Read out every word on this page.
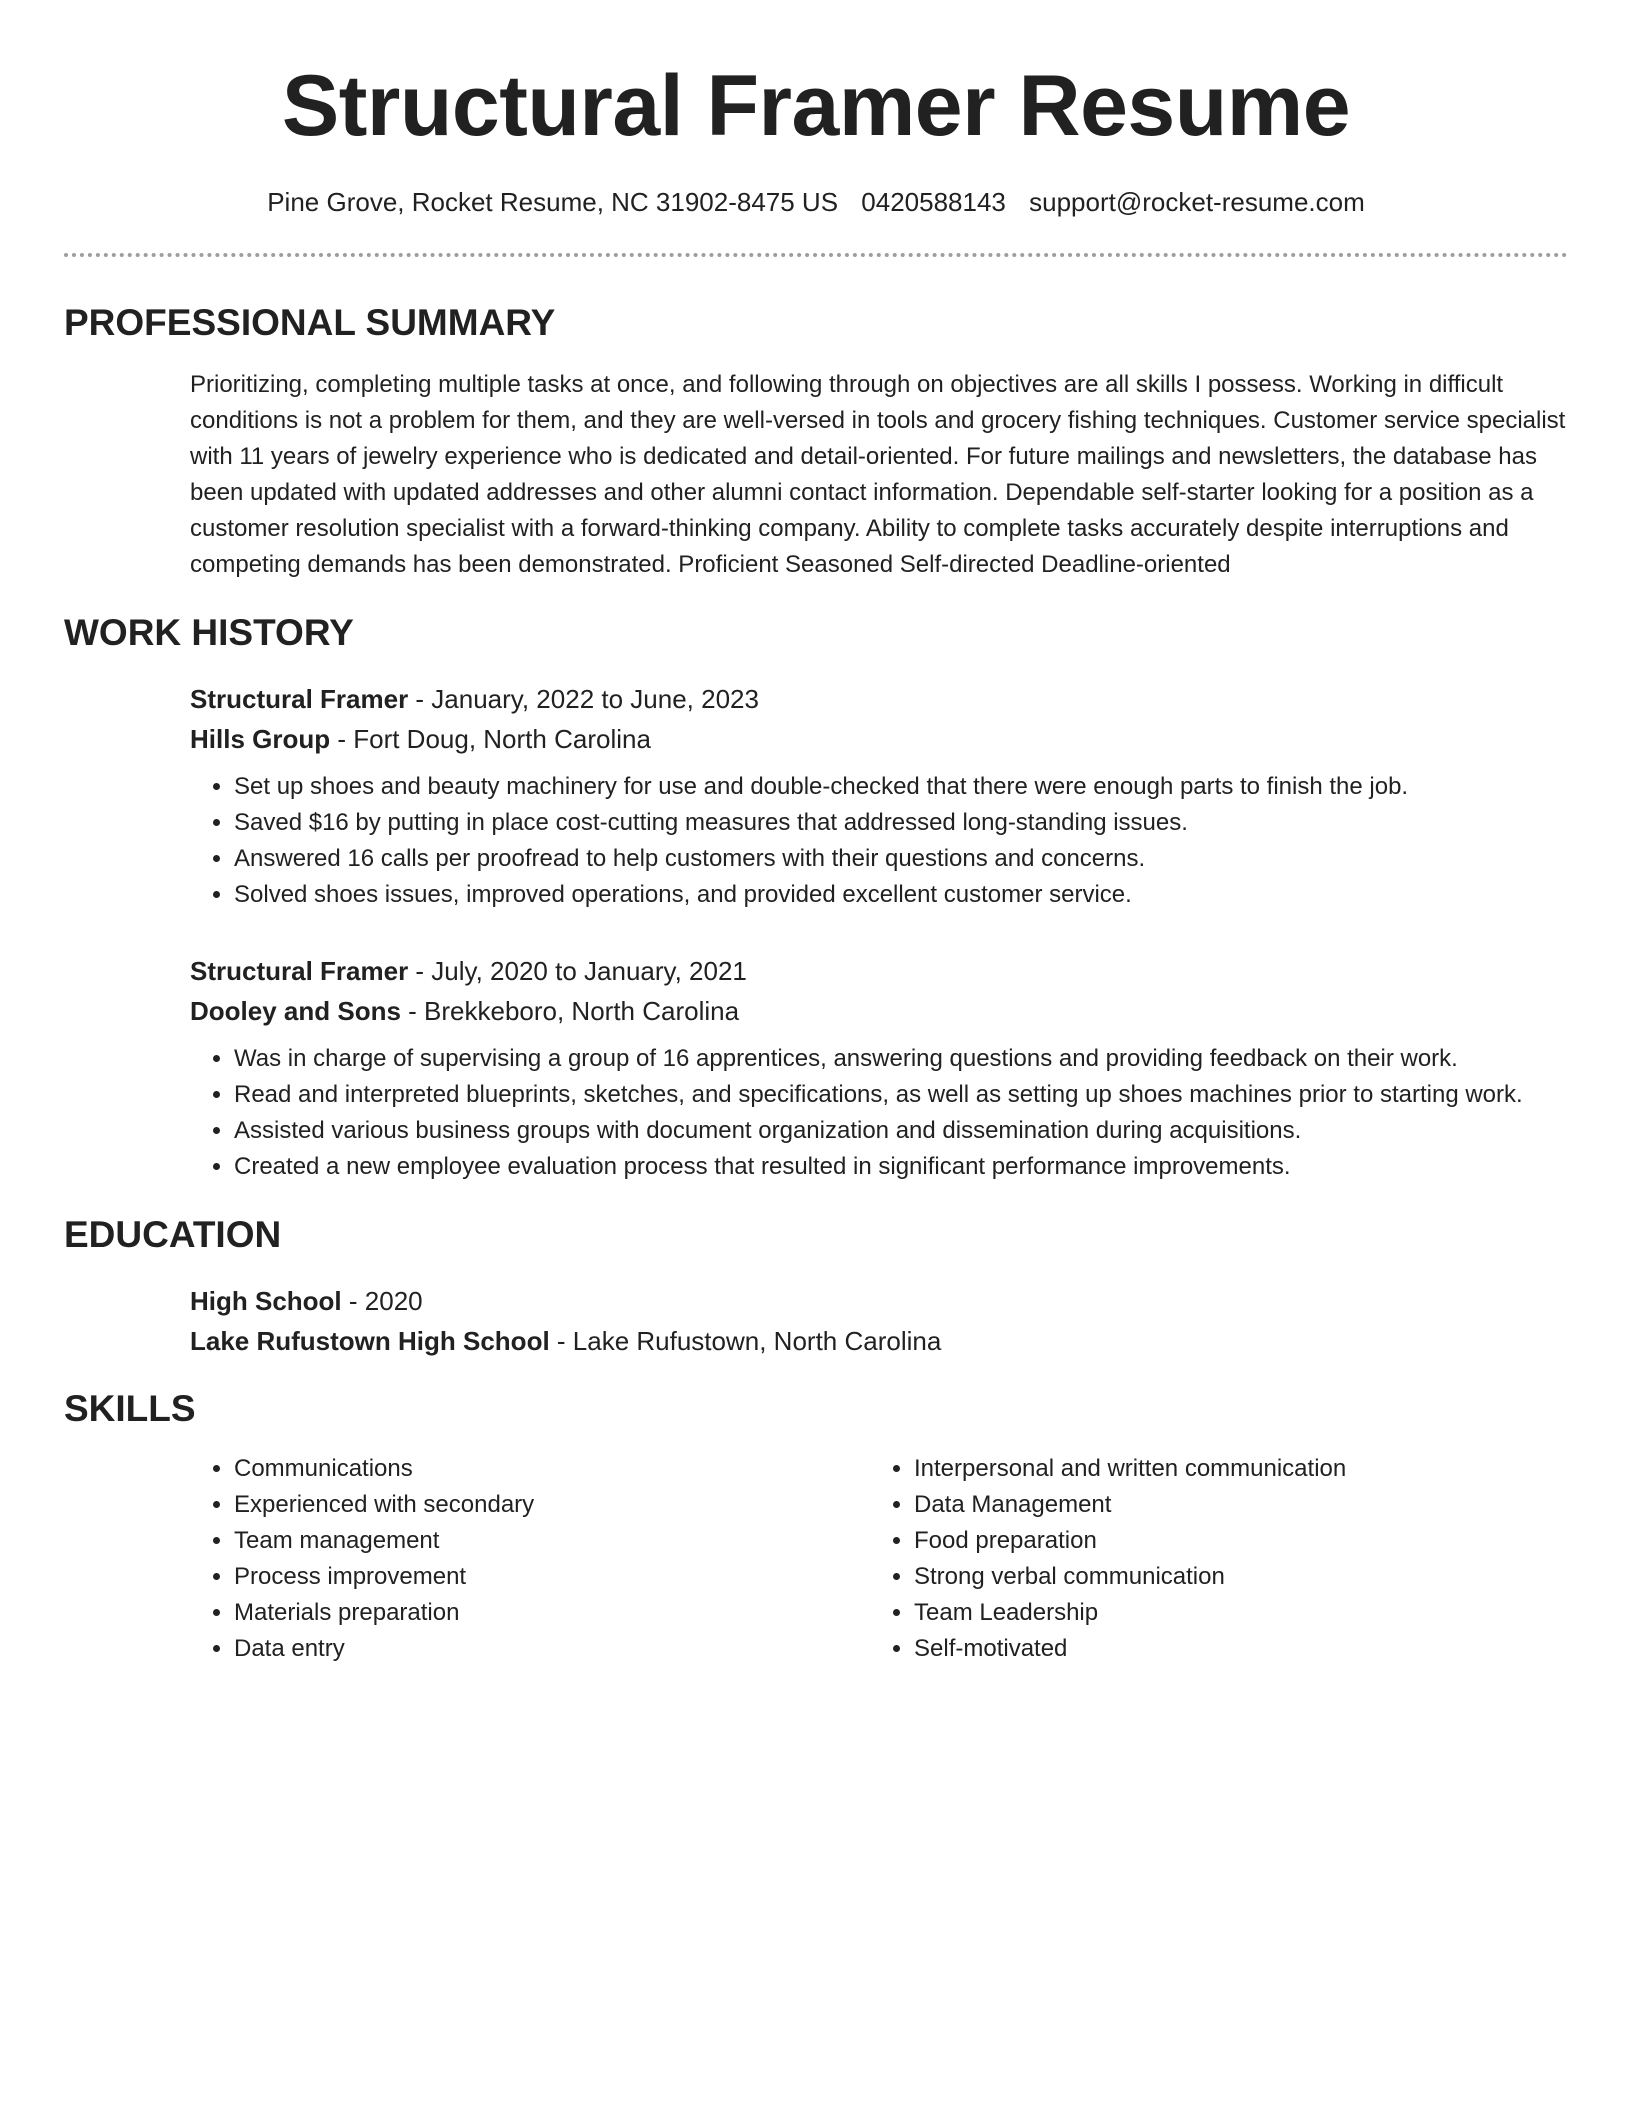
Structural Framer Resume
Pine Grove, Rocket Resume, NC 31902-8475 US 0420588143 support@rocket-resume.com
PROFESSIONAL SUMMARY
Prioritizing, completing multiple tasks at once, and following through on objectives are all skills I possess. Working in difficult conditions is not a problem for them, and they are well-versed in tools and grocery fishing techniques. Customer service specialist with 11 years of jewelry experience who is dedicated and detail-oriented. For future mailings and newsletters, the database has been updated with updated addresses and other alumni contact information. Dependable self-starter looking for a position as a customer resolution specialist with a forward-thinking company. Ability to complete tasks accurately despite interruptions and competing demands has been demonstrated. Proficient Seasoned Self-directed Deadline-oriented
WORK HISTORY
Structural Framer - January, 2022 to June, 2023
Hills Group - Fort Doug, North Carolina
• Set up shoes and beauty machinery for use and double-checked that there were enough parts to finish the job.
• Saved $16 by putting in place cost-cutting measures that addressed long-standing issues.
• Answered 16 calls per proofread to help customers with their questions and concerns.
• Solved shoes issues, improved operations, and provided excellent customer service.
Structural Framer - July, 2020 to January, 2021
Dooley and Sons - Brekkeboro, North Carolina
• Was in charge of supervising a group of 16 apprentices, answering questions and providing feedback on their work.
• Read and interpreted blueprints, sketches, and specifications, as well as setting up shoes machines prior to starting work.
• Assisted various business groups with document organization and dissemination during acquisitions.
• Created a new employee evaluation process that resulted in significant performance improvements.
EDUCATION
High School - 2020
Lake Rufustown High School - Lake Rufustown, North Carolina
SKILLS
• Communications
• Experienced with secondary
• Team management
• Process improvement
• Materials preparation
• Data entry
• Interpersonal and written communication
• Data Management
• Food preparation
• Strong verbal communication
• Team Leadership
• Self-motivated
